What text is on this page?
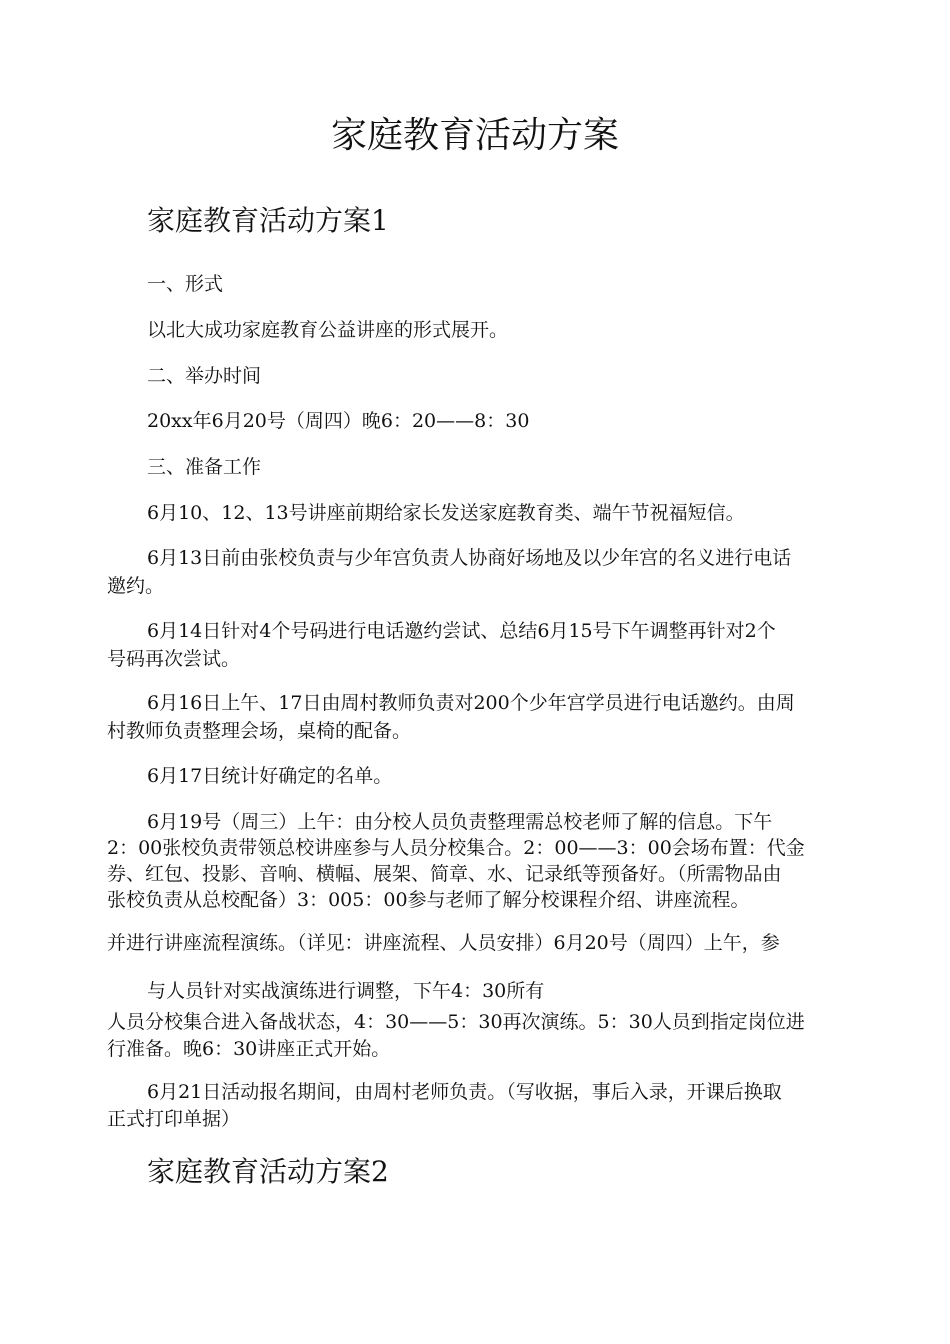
家庭教育活动方案
家庭教育活动方案1

一、形式

以北大成功家庭教育公益讲座的形式展开。

二、举办时间

20xx年6月20号（周四）晚6：20——8：30

三、准备工作

6月10、12、13号讲座前期给家长发送家庭教育类、端午节祝福短信。

6月13日前由张校负责与少年宫负责人协商好场地及以少年宫的名义进行电话

邀约。

6月14日针对4个号码进行电话邀约尝试、总结6月15号下午调整再针对2个

号码再次尝试。

6月16日上午、17日由周村教师负责对200个少年宫学员进行电话邀约。由周

村教师负责整理会场，桌椅的配备。

6月17日统计好确定的名单。

6月19号（周三）上午：由分校人员负责整理需总校老师了解的信息。下午

2：00张校负责带领总校讲座参与人员分校集合。2：00——3：00会场布置：代金

券、红包、投影、音响、横幅、展架、简章、水、记录纸等预备好。（所需物品由

张校负责从总校配备）3：005：00参与老师了解分校课程介绍、讲座流程。

并进行讲座流程演练。（详见：讲座流程、人员安排）6月20号（周四）上午，参

与人员针对实战演练进行调整，下午4：30所有

人员分校集合进入备战状态，4：30——5：30再次演练。5：30人员到指定岗位进

行准备。晚6：30讲座正式开始。

6月21日活动报名期间，由周村老师负责。（写收据，事后入录，开课后换取

正式打印单据）

家庭教育活动方案2
